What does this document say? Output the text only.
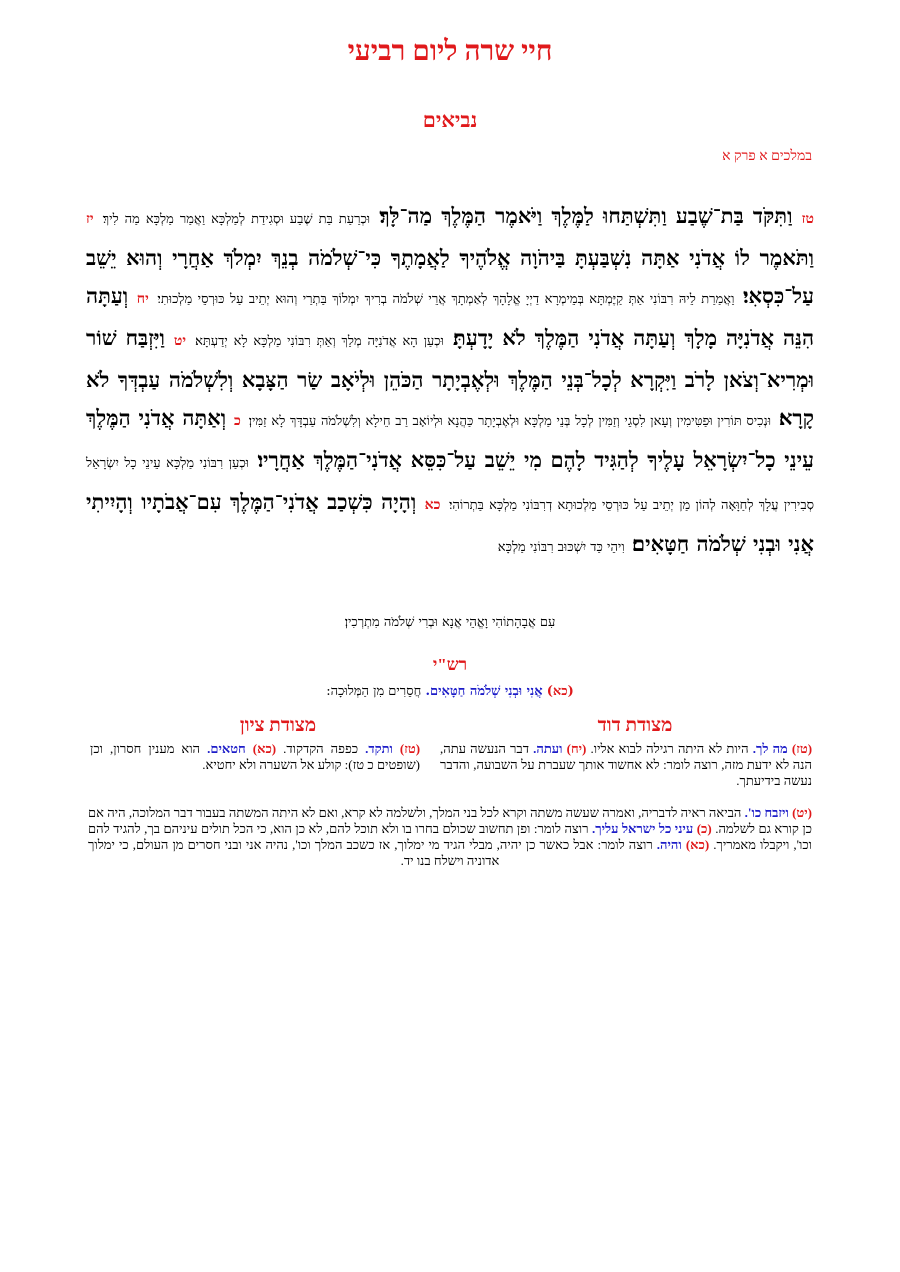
חיי שרה ליום רביעי
נביאים
במלכים א פרק א
טז וַתִּקֹּד בַּת־שֶׁבַע וַתִּשְׁתַּחוּ לַמֶּלֶךְ וַיֹּאמֶר הַמֶּלֶךְ מַה־לָּךְ׃ וּכְרַעַת בַּת שֶׁבַע וּסְגִידַת לְמַלְכָּא וַאֲמַר מַלְכָּא מַה לִיךְ׃ יז וַתֹּאמֶר לוֹ אֲדֹנִי אַתָּה נִשְׁבַּעְתָּ בַּיהֹוָה אֱלֹהֶיךָ לַאֲמָתֶךָ כִּי־שְׁלֹמֹה בְנֵךְ יִמְלֹךְ אַחֲרָי וְהוּא יֵשֵׁב עַל־כִּסְאִי׃ וַאֲמַרַת לֵיהּ רִבּוֹנִי אַתְּ קַיֶּמְתָּא בְּמֵימְרָא דַיְיָ אֱלָהָךְ לְאַמְתָךְ אֲרֵי שְׁלֹמֹה בְרִיךְ יִמְלוֹךְ בַּתְרַי וְהוּא יְתֵיב עַל כּוּרְסֵי מַלְכוּתִי׃ יח וְעַתָּה הִנֵּה אֲדֹנִיָּה מָלָךְ וְעַתָּה אֲדֹנִי הַמֶּלֶךְ לֹא יָדָעְתָּ׃ וּכְעַן הָא אֲדֹנִיָּה מְלַךְ וְאַתְּ רִבּוֹנִי מַלְכָּא לָא יְדַעְתָּא׃ יט וַיִּזְבַּח שׁוֹר וּמְרִיא־וְצֹאן לָרֹב וַיִּקְרָא לְכָל־בְּנֵי הַמֶּלֶךְ וּלְאֶבְיָתָר הַכֹּהֵן וּלְיֹאָב שַׂר הַצָּבָא וְלִשְׁלֹמֹה עַבְדְּךָ לֹא קָרָא׃ וּנְכִיס תּוֹרִין וּפַטִּימִין וְעָאן לִסְגֵי וְזַמִּין לְכָל בְּנֵי מַלְכָּא וּלְאֶבְיָתָר כַּהֲנָא וּלְיוֹאָב רַב חֵילָא וְלִשְׁלֹמֹה עַבְדָּךְ לָא זַמִּין׃ כ וְאַתָּה אֲדֹנִי הַמֶּלֶךְ עֵינֵי כָל־יִשְׂרָאֵל עָלֶיךָ לְהַגִּיד לָהֶם מִי יֵשֵׁב עַל־כִּסֵּא אֲדֹנִי־הַמֶּלֶךְ אַחֲרָיו׃ וּכְעַן רִבּוֹנִי מַלְכָּא עֵינֵי כָל יִשְׂרָאֵל סְבִירִין עֲלָךְ לְחַוָּאָה לְהוֹן מַן יְתֵיב עַל כּוּרְסֵי מַלְכוּתָא דְרִבּוֹנִי מַלְכָּא בַּתְרוֹהִי׃ כא וְהָיָה כִּשְׁכַב אֲדֹנִי־הַמֶּלֶךְ עִם־אֲבֹתָיו וְהָיִיתִי אֲנִי וּבְנִי שְׁלֹמֹה חַטָּאִים׃ וִיהֵי כַּד יִשְׁכּוּב רִבּוֹנִי מַלְכָּא
עִם אֲבָהָתוֹהִי וָאֱהֵי אֲנָא וּבְרִי שְׁלֹמֹה מִתְרְכִין׃
רש"י
(כא) אֲנִי וּבְנִי שְׁלֹמֹה חַטָּאִים. חֲסֵרִים מִן הַמְּלוּכָה:
מצודת דוד
מצודת ציון
(טז) מה לך. היות לא היתה רגילה לבוא אליו. (יח) ועתה. דבר הנעשה עתה, הנה לא ידעת מזה, רוצה לומר: לא אחשוד אותך שעברת על השבועה, והדבר נעשה בידיעתך.
(טז) ותקד. כפפה הקדקוד. (כא) חטאים. הוא מענין חסרון, וכן (שופטים כ טז): קולע אל השערה ולא יחטיא.
(יט) ויזבח כו'. הביאה ראיה לדבריה, ואמרה שעשה משתה וקרא לכל בני המלך, ולשלמה לא קרא, ואם לא היתה המשתה בעבור דבר המלוכה, היה אם כן קורא גם לשלמה. (כ) עיני כל ישראל עליך. רוצה לומר: ופן תחשוב שכולם בחרו בו ולא תוכל להם, לא כן הוא, כי הכל תולים עיניהם בך, להגיד להם וכו', ויקבלו מאמריך. (כא) והיה. רוצה לומר: אבל כאשר כן יהיה, מבלי הגיד מי ימלוך, אז כשכב המלך וכו', נהיה אני ובני חסרים מן העולם, כי ימלוך אדוניה וישלח בנו יד.
